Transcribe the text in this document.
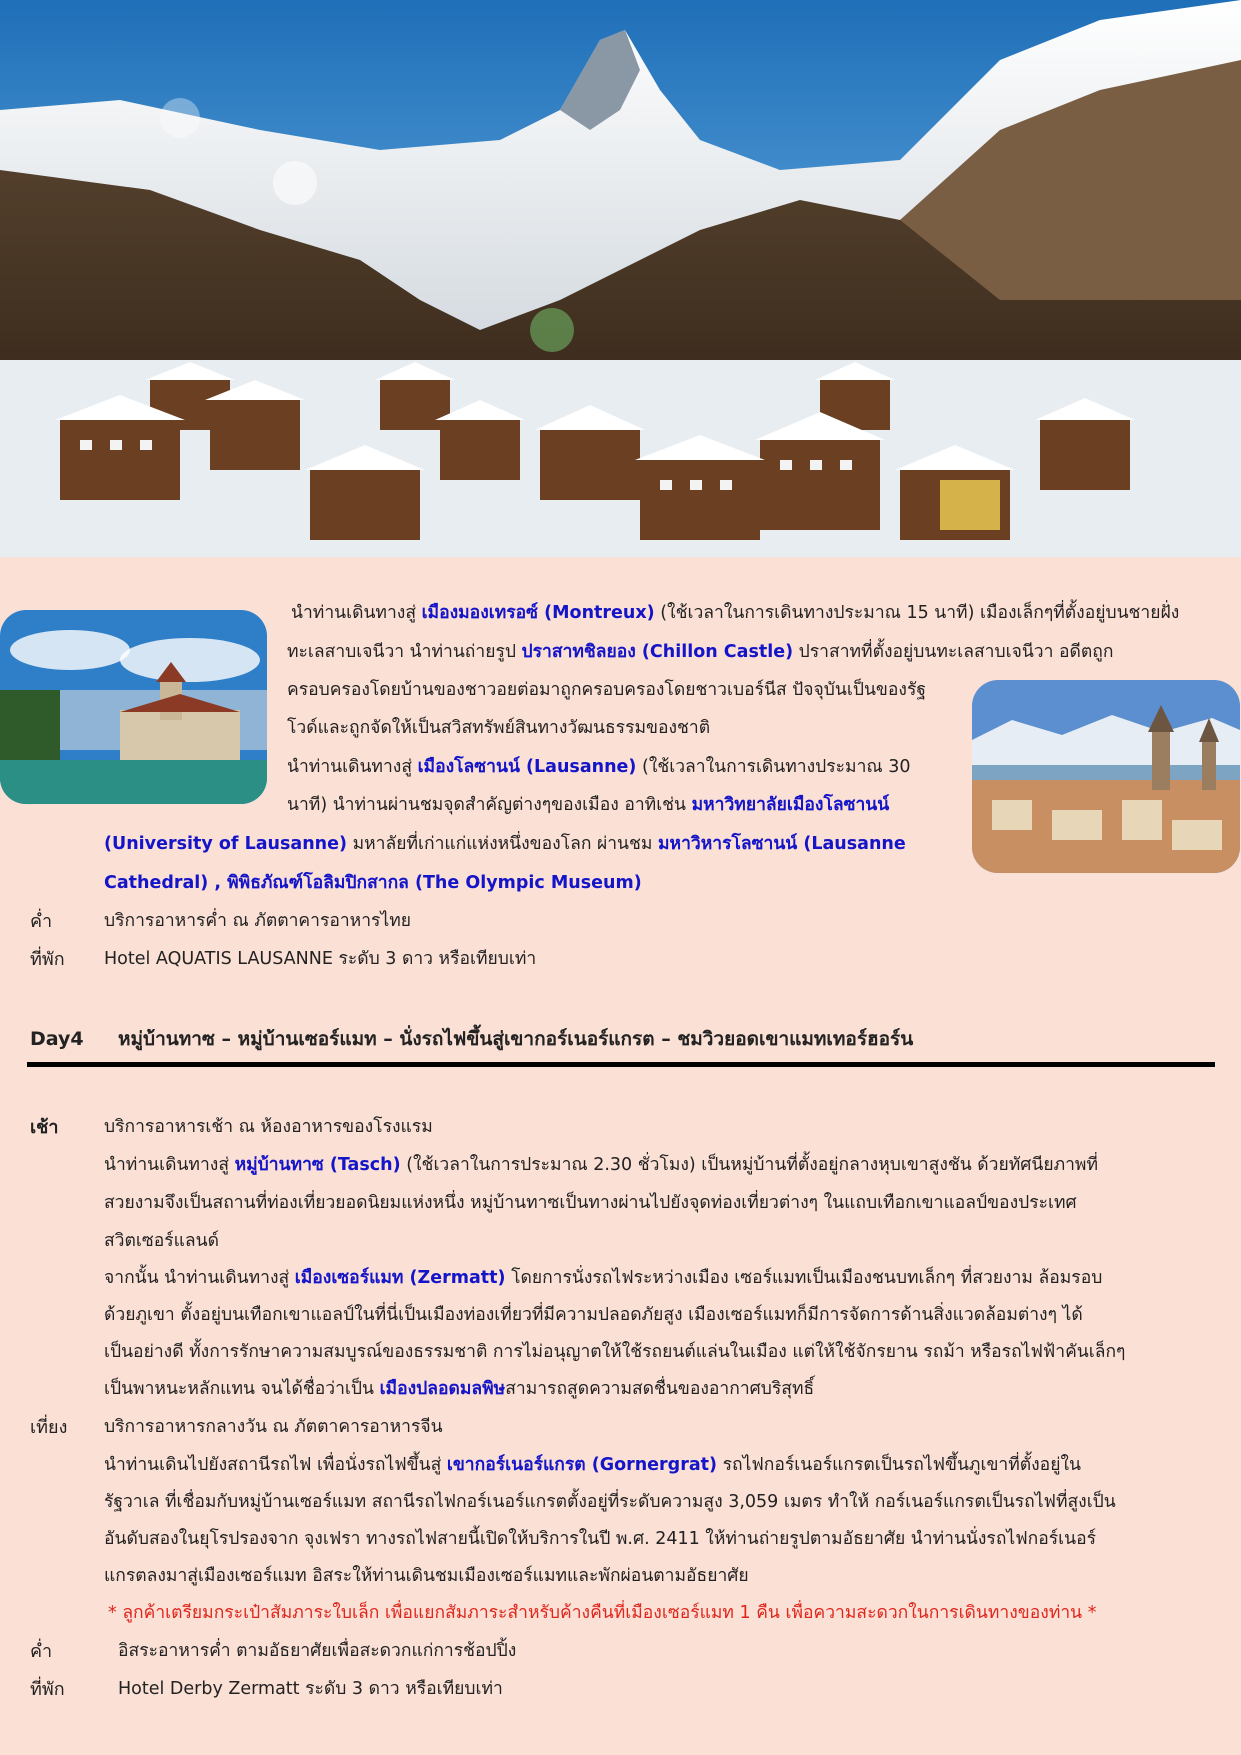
นำท่านเดินทางสู่ เมืองมองเทรอซ์ (Montreux) (ใช้เวลาในการเดินทางประมาณ 15 นาที) เมืองเล็กๆที่ตั้งอยู่บนชายฝั่ง
ทะเลสาบเจนีวา นำท่านถ่ายรูป ปราสาทชิลยอง (Chillon Castle) ปราสาทที่ตั้งอยู่บนทะเลสาบเจนีวา อดีตถูก
ครอบครองโดยบ้านของชาวอยต่อมาถูกครอบครองโดยชาวเบอร์นีส ปัจจุบันเป็นของรัฐ
โวด์และถูกจัดให้เป็นสวิสทรัพย์สินทางวัฒนธรรมของชาติ
นำท่านเดินทางสู่ เมืองโลซานน์ (Lausanne) (ใช้เวลาในการเดินทางประมาณ 30
นาที) นำท่านผ่านชมจุดสำคัญต่างๆของเมือง อาทิเช่น มหาวิทยาลัยเมืองโลซานน์
(University of Lausanne) มหาลัยที่เก่าแก่แห่งหนึ่งของโลก ผ่านชม มหาวิหารโลซานน์ (Lausanne
Cathedral) , พิพิธภัณฑ์โอลิมปิกสากล (The Olympic Museum)
ค่ำ	บริการอาหารค่ำ ณ ภัตตาคารอาหารไทย
ที่พัก Hotel AQUATIS LAUSANNE ระดับ 3 ดาว หรือเทียบเท่า
Day4 หมู่บ้านทาซ – หมู่บ้านเซอร์แมท – นั่งรถไฟขึ้นสู่เขากอร์เนอร์แกรต – ชมวิวยอดเขาแมทเทอร์ฮอร์น
เช้า	บริการอาหารเช้า ณ ห้องอาหารของโรงแรม
นำท่านเดินทางสู่ หมู่บ้านทาซ (Tasch) (ใช้เวลาในการประมาณ 2.30 ชั่วโมง) เป็นหมู่บ้านที่ตั้งอยู่กลางหุบเขาสูงชัน ด้วยทัศนียภาพที่
สวยงามจึงเป็นสถานที่ท่องเที่ยวยอดนิยมแห่งหนึ่ง หมู่บ้านทาซเป็นทางผ่านไปยังจุดท่องเที่ยวต่างๆ ในแถบเทือกเขาแอลป์ของประเทศ
สวิตเซอร์แลนด์
จากนั้น นำท่านเดินทางสู่ เมืองเซอร์แมท (Zermatt) โดยการนั่งรถไฟระหว่างเมือง เซอร์แมทเป็นเมืองชนบทเล็กๆ ที่สวยงาม ล้อมรอบ
ด้วยภูเขา ตั้งอยู่บนเทือกเขาแอลป์ในที่นี่เป็นเมืองท่องเที่ยวที่มีความปลอดภัยสูง เมืองเซอร์แมทก็มีการจัดการด้านสิ่งแวดล้อมต่างๆ ได้
เป็นอย่างดี ทั้งการรักษาความสมบูรณ์ของธรรมชาติ การไม่อนุญาตให้ใช้รถยนต์แล่นในเมือง แต่ให้ใช้จักรยาน รถม้า หรือรถไฟฟ้าคันเล็กๆ
เป็นพาหนะหลักแทน จนได้ชื่อว่าเป็น เมืองปลอดมลพิษสามารถสูดความสดชื่นของอากาศบริสุทธิ์
เที่ยง บริการอาหารกลางวัน ณ ภัตตาคารอาหารจีน
นำท่านเดินไปยังสถานีรถไฟ เพื่อนั่งรถไฟขึ้นสู่ เขากอร์เนอร์แกรต (Gornergrat) รถไฟกอร์เนอร์แกรตเป็นรถไฟขึ้นภูเขาที่ตั้งอยู่ใน
รัฐวาเล ที่เชื่อมกับหมู่บ้านเซอร์แมท สถานีรถไฟกอร์เนอร์แกรตตั้งอยู่ที่ระดับความสูง 3,059 เมตร ทำให้ กอร์เนอร์แกรตเป็นรถไฟที่สูงเป็น
อันดับสองในยุโรปรองจาก จุงเฟรา ทางรถไฟสายนี้เปิดให้บริการในปี พ.ศ. 2411 ให้ท่านถ่ายรูปตามอัธยาศัย นำท่านนั่งรถไฟกอร์เนอร์
แกรตลงมาสู่เมืองเซอร์แมท อิสระให้ท่านเดินชมเมืองเซอร์แมทและพักผ่อนตามอัธยาศัย
* ลูกค้าเตรียมกระเป๋าสัมภาระใบเล็ก เพื่อแยกสัมภาระสำหรับค้างคืนที่เมืองเซอร์แมท 1 คืน เพื่อความสะดวกในการเดินทางของท่าน *
ค่ำ	อิสระอาหารค่ำ ตามอัธยาศัยเพื่อสะดวกแก่การช้อปปิ้ง
ที่พัก	Hotel Derby Zermatt ระดับ 3 ดาว หรือเทียบเท่า
